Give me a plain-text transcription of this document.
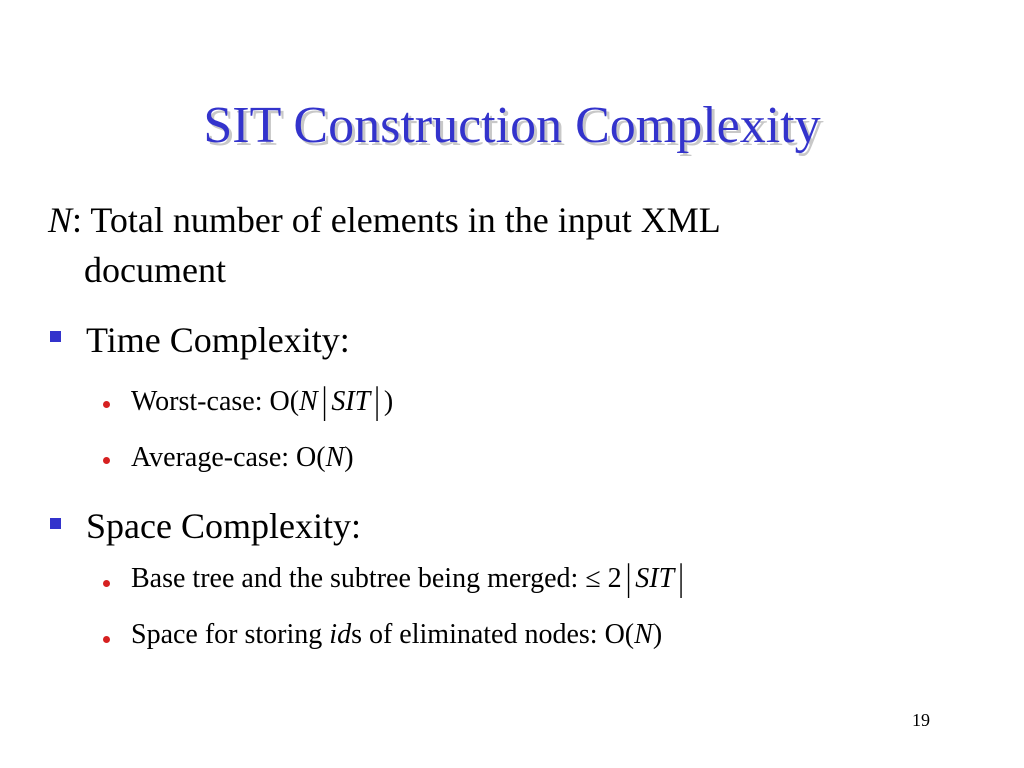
SIT Construction Complexity
N: Total number of elements in the input XML
document
Time Complexity:
Worst-case: O(N | SIT | )
Average-case: O(N)
Space Complexity:
Base tree and the subtree being merged: ≤ 2 | SIT |
Space for storing ids of eliminated nodes: O(N)
19
